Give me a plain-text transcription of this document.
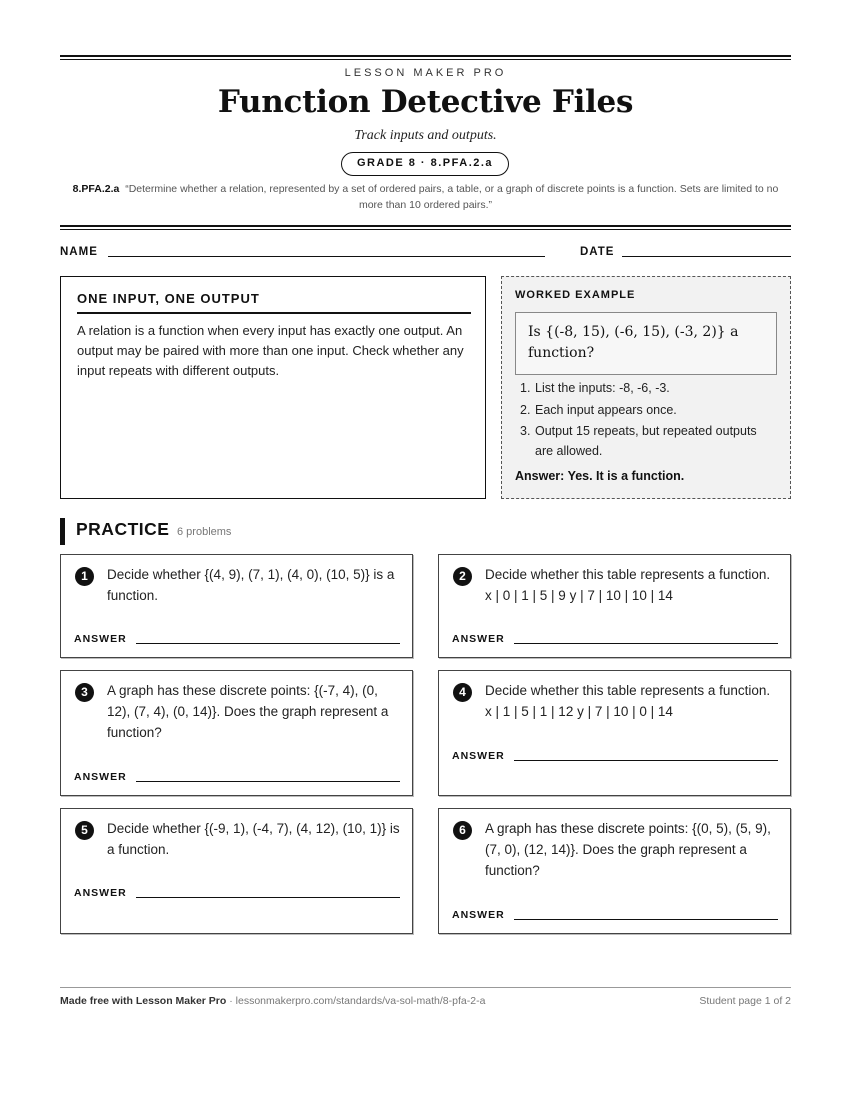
LESSON MAKER PRO
Function Detective Files
Track inputs and outputs.
GRADE 8 · 8.PFA.2.a
8.PFA.2.a “Determine whether a relation, represented by a set of ordered pairs, a table, or a graph of discrete points is a function. Sets are limited to no more than 10 ordered pairs.”
NAME	DATE
ONE INPUT, ONE OUTPUT
A relation is a function when every input has exactly one output. An output may be paired with more than one input. Check whether any input repeats with different outputs.
WORKED EXAMPLE
Is {(-8, 15), (-6, 15), (-3, 2)} a function?
1. List the inputs: -8, -6, -3.
2. Each input appears once.
3. Output 15 repeats, but repeated outputs are allowed.
Answer: Yes. It is a function.
PRACTICE 6 problems
1	Decide whether {(4, 9), (7, 1), (4, 0), (10, 5)} is a function.
ANSWER
2	Decide whether this table represents a function. x | 0 | 1 | 5 | 9 y | 7 | 10 | 10 | 14
ANSWER
3	A graph has these discrete points: {(-7, 4), (0, 12), (7, 4), (0, 14)}. Does the graph represent a function?
ANSWER
4	Decide whether this table represents a function. x | 1 | 5 | 1 | 12 y | 7 | 10 | 0 | 14
ANSWER
5	Decide whether {(-9, 1), (-4, 7), (4, 12), (10, 1)} is a function.
ANSWER
6	A graph has these discrete points: {(0, 5), (5, 9), (7, 0), (12, 14)}. Does the graph represent a function?
ANSWER
Made free with Lesson Maker Pro · lessonmakerpro.com/standards/va-sol-math/8-pfa-2-a	Student page 1 of 2
